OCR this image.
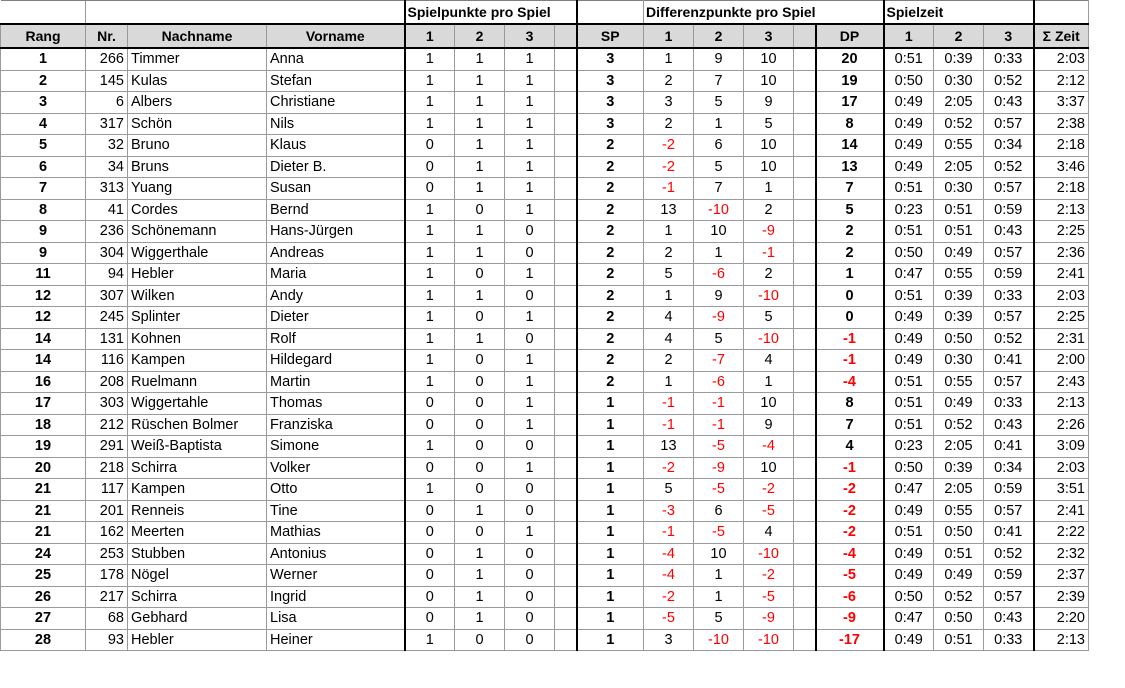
				Spielpunkte pro Spiel					Differenzpunkte pro Spiel					Spielzeit			
Rang	Nr.	Nachname	Vorname	1	2	3		SP	1	2	3		DP	1	2	3	Σ Zeit
1	266	Timmer	Anna	1	1	1		3	1	9	10		20	0:51	0:39	0:33	2:03
2	145	Kulas	Stefan	1	1	1		3	2	7	10		19	0:50	0:30	0:52	2:12
3	6	Albers	Christiane	1	1	1		3	3	5	9		17	0:49	2:05	0:43	3:37
4	317	Schön	Nils	1	1	1		3	2	1	5		8	0:49	0:52	0:57	2:38
5	32	Bruno	Klaus	0	1	1		2	-2	6	10		14	0:49	0:55	0:34	2:18
6	34	Bruns	Dieter B.	0	1	1		2	-2	5	10		13	0:49	2:05	0:52	3:46
7	313	Yuang	Susan	0	1	1		2	-1	7	1		7	0:51	0:30	0:57	2:18
8	41	Cordes	Bernd	1	0	1		2	13	-10	2		5	0:23	0:51	0:59	2:13
9	236	Schönemann	Hans-Jürgen	1	1	0		2	1	10	-9		2	0:51	0:51	0:43	2:25
9	304	Wiggerthale	Andreas	1	1	0		2	2	1	-1		2	0:50	0:49	0:57	2:36
11	94	Hebler	Maria	1	0	1		2	5	-6	2		1	0:47	0:55	0:59	2:41
12	307	Wilken	Andy	1	1	0		2	1	9	-10		0	0:51	0:39	0:33	2:03
12	245	Splinter	Dieter	1	0	1		2	4	-9	5		0	0:49	0:39	0:57	2:25
14	131	Kohnen	Rolf	1	1	0		2	4	5	-10		-1	0:49	0:50	0:52	2:31
14	116	Kampen	Hildegard	1	0	1		2	2	-7	4		-1	0:49	0:30	0:41	2:00
16	208	Ruelmann	Martin	1	0	1		2	1	-6	1		-4	0:51	0:55	0:57	2:43
17	303	Wiggertahle	Thomas	0	0	1		1	-1	-1	10		8	0:51	0:49	0:33	2:13
18	212	Rüschen Bolmer	Franziska	0	0	1		1	-1	-1	9		7	0:51	0:52	0:43	2:26
19	291	Weiß-Baptista	Simone	1	0	0		1	13	-5	-4		4	0:23	2:05	0:41	3:09
20	218	Schirra	Volker	0	0	1		1	-2	-9	10		-1	0:50	0:39	0:34	2:03
21	117	Kampen	Otto	1	0	0		1	5	-5	-2		-2	0:47	2:05	0:59	3:51
21	201	Renneis	Tine	0	1	0		1	-3	6	-5		-2	0:49	0:55	0:57	2:41
21	162	Meerten	Mathias	0	0	1		1	-1	-5	4		-2	0:51	0:50	0:41	2:22
24	253	Stubben	Antonius	0	1	0		1	-4	10	-10		-4	0:49	0:51	0:52	2:32
25	178	Nögel	Werner	0	1	0		1	-4	1	-2		-5	0:49	0:49	0:59	2:37
26	217	Schirra	Ingrid	0	1	0		1	-2	1	-5		-6	0:50	0:52	0:57	2:39
27	68	Gebhard	Lisa	0	1	0		1	-5	5	-9		-9	0:47	0:50	0:43	2:20
28	93	Hebler	Heiner	1	0	0		1	3	-10	-10		-17	0:49	0:51	0:33	2:13
